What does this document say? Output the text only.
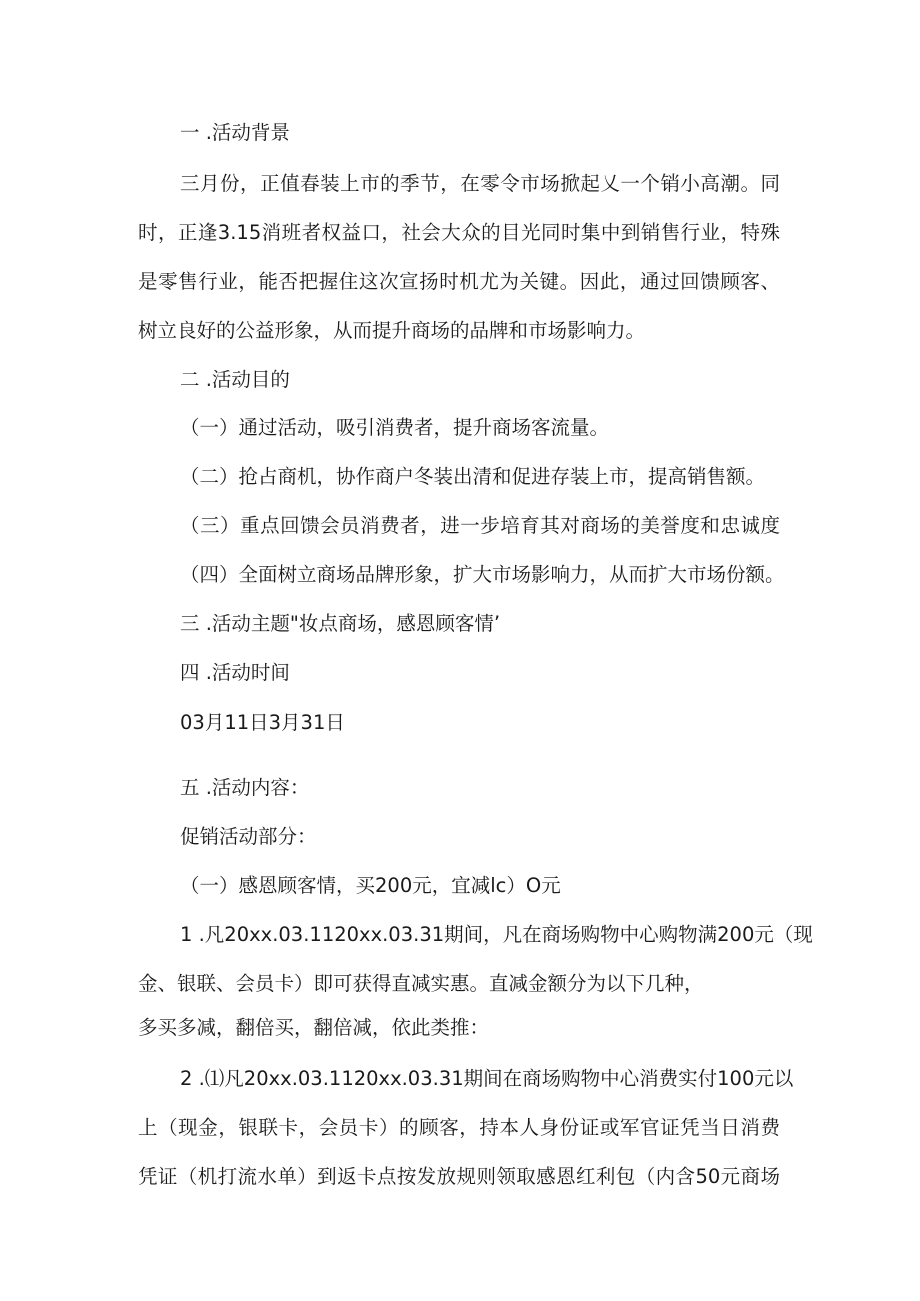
一 .活动背景

三月份，正值春装上市的季节，在零令市场掀起乂一个销小高潮。同

时，正逢3.15消班者权益口，社会大众的目光同时集中到销售行业，特殊

是零售行业，能否把握住这次宣扬时机尤为关键。因此，通过回馈顾客、

树立良好的公益形象，从而提升商场的品牌和市场影响力。

二 .活动目的

（一）通过活动，吸引消费者，提升商场客流量。

（二）抢占商机，协作商户冬装出清和促进存装上市，提高销售额。

（三）重点回馈会员消费者，进一步培育其对商场的美誉度和忠诚度

（四）全面树立商场品牌形象，扩大市场影响力，从而扩大市场份额。

三 .活动主题"妆点商场，感恩顾客情’

四 .活动时间

03月11日3月31日

五 .活动内容：

促销活动部分：

（一）感恩顾客情，买200元，宜减lc）O元

1 .凡20xx.03.1120xx.03.31期间，凡在商场购物中心购物满200元（现

金、银联、会员卡）即可获得直减实惠。直减金额分为以下几种，

多买多减，翻倍买，翻倍减，依此类推：

2 .⑴凡20xx.03.1120xx.03.31期间在商场购物中心消费实付100元以

上（现金，银联卡，会员卡）的顾客，持本人身份证或军官证凭当日消费

凭证（机打流水单）到返卡点按发放规则领取感恩红利包（内含50元商场
